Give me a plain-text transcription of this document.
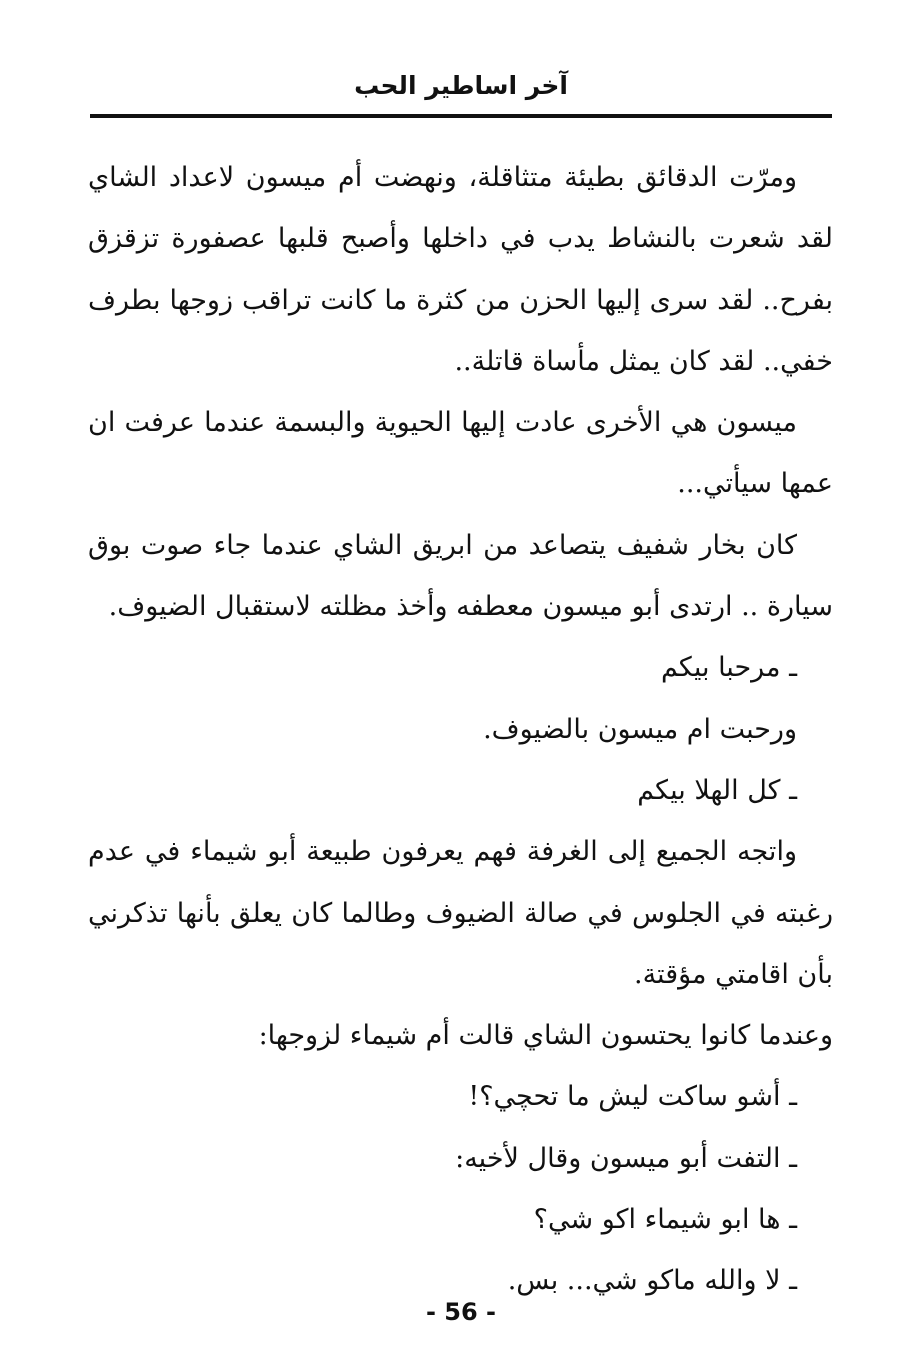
آخر اساطير الحب

ومرّت الدقائق بطيئة متثاقلة، ونهضت أم ميسون لاعداد الشاي لقد شعرت بالنشاط يدب في داخلها وأصبح قلبها عصفورة تزقزق بفرح.. لقد سرى إليها الحزن من كثرة ما كانت تراقب زوجها بطرف خفي.. لقد كان يمثل مأساة قاتلة..

ميسون هي الأخرى عادت إليها الحيوية والبسمة عندما عرفت ان عمها سيأتي...

كان بخار شفيف يتصاعد من ابريق الشاي عندما جاء صوت بوق سيارة .. ارتدى أبو ميسون معطفه وأخذ مظلته لاستقبال الضيوف.

ـ مرحبا بيكم

ورحبت ام ميسون بالضيوف.

ـ كل الهلا بيكم

واتجه الجميع إلى الغرفة فهم يعرفون طبيعة أبو شيماء في عدم رغبته في الجلوس في صالة الضيوف وطالما كان يعلق بأنها تذكرني بأن اقامتي مؤقتة.

وعندما كانوا يحتسون الشاي قالت أم شيماء لزوجها:

ـ أشو ساكت ليش ما تحچي؟!

ـ التفت أبو ميسون وقال لأخيه:

ـ ها ابو شيماء اكو شي؟

ـ لا والله ماكو شي... بس.

- 56 -
